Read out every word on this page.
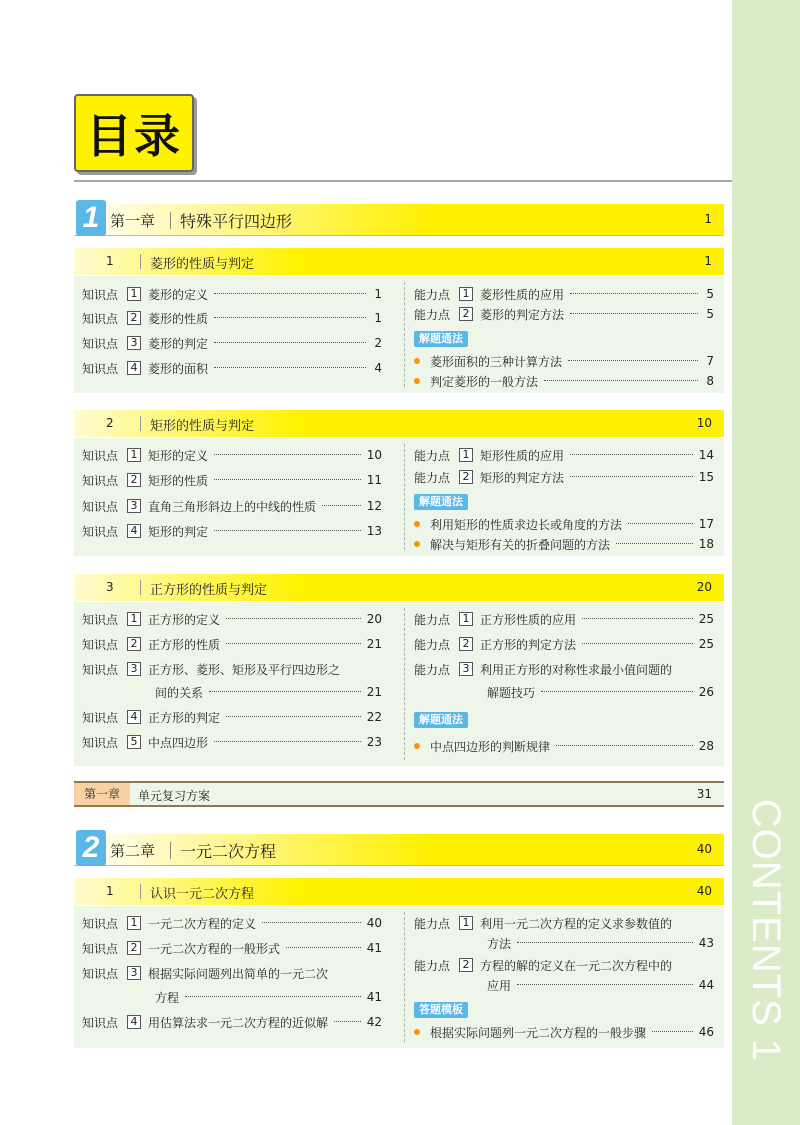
CONTENTS 1
目录
1 第一章 特殊平行四边形	1
1	菱形的性质与判定	1
知识点	1 菱形的定义	1
知识点	2 菱形的性质	1
知识点	3 菱形的判定	2
知识点	4 菱形的面积	4
能力点	1 菱形性质的应用	5
能力点	2 菱形的判定方法	5
解题通法
菱形面积的三种计算方法	7
判定菱形的一般方法	8
2	矩形的性质与判定	10
知识点	1 矩形的定义	10
知识点	2 矩形的性质	11
知识点	3 直角三角形斜边上的中线的性质	12
知识点	4 矩形的判定	13
能力点	1 矩形性质的应用	14
能力点	2 矩形的判定方法	15
解题通法
利用矩形的性质求边长或角度的方法	17
解决与矩形有关的折叠问题的方法	18
3	正方形的性质与判定	20
知识点	1 正方形的定义	20
知识点	2 正方形的性质	21
知识点	3 正方形、菱形、矩形及平行四边形之
间的关系	21
知识点	4 正方形的判定	22
知识点	5 中点四边形	23
能力点	1 正方形性质的应用	25
能力点	2 正方形的判定方法	25
能力点	3 利用正方形的对称性求最小值问题的
解题技巧	26
解题通法
中点四边形的判断规律	28
第一章	单元复习方案	31
2 第二章 一元二次方程	40
1	认识一元二次方程	40
知识点	1 一元二次方程的定义	40
知识点	2 一元二次方程的一般形式	41
知识点	3 根据实际问题列出简单的一元二次
方程	41
知识点	4 用估算法求一元二次方程的近似解	42
能力点	1 利用一元二次方程的定义求参数值的
方法	43
能力点	2 方程的解的定义在一元二次方程中的
应用	44
答题模板
根据实际问题列一元二次方程的一般步骤	46
